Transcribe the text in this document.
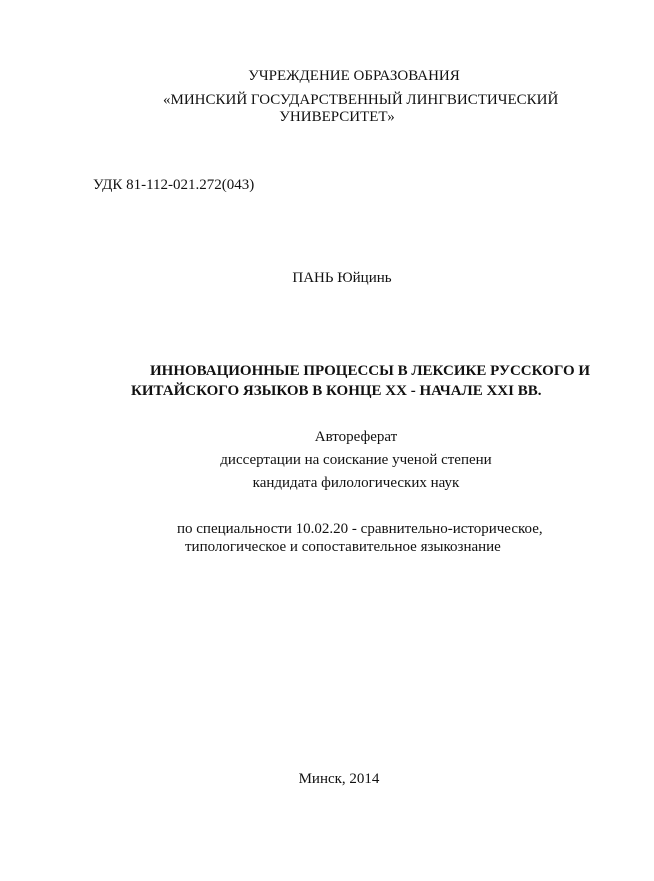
УЧРЕЖДЕНИЕ ОБРАЗОВАНИЯ

«МИНСКИЙ ГОСУДАРСТВЕННЫЙ ЛИНГВИСТИЧЕСКИЙ

УНИВЕРСИТЕТ»

УДК 81-112-021.272(043)

ПАНЬ Юйцинь

ИННОВАЦИОННЫЕ ПРОЦЕССЫ В ЛЕКСИКЕ РУССКОГО И

КИТАЙСКОГО ЯЗЫКОВ В КОНЦЕ XX - НАЧАЛЕ XXI ВВ.

Автореферат

диссертации на соискание ученой степени

кандидата филологических наук

по специальности 10.02.20 - сравнительно-историческое,

типологическое и сопоставительное языкознание

Минск, 2014
